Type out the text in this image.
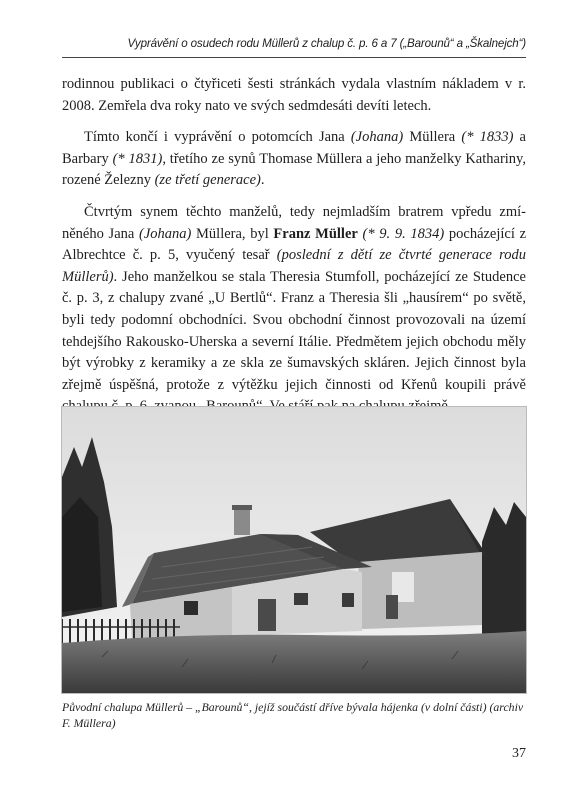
Vyprávění o osudech rodu Müllerů z chalup č. p. 6 a 7 („Barounů“ a „Škalnejch“)

rodinnou publikaci o čtyřiceti šesti stránkách vydala vlastním nákladem v r. 2008. Zemřela dva roky nato ve svých sedmdesáti devíti letech.

Tímto končí i vyprávění o potomcích Jana (Johana) Müllera (* 1833) a Barbary (* 1831), třetího ze synů Thomase Müllera a jeho manželky Kathariny, rozené Železny (ze třetí generace).

Čtvrtým synem těchto manželů, tedy nejmladším bratrem vpředu zmíněného Jana (Johana) Müllera, byl Franz Müller (* 9. 9. 1834) pocházející z Albrechtce č. p. 5, vyučený tesař (poslední z dětí ze čtvrté generace rodu Müllerů). Jeho manželkou se stala Theresia Stumfoll, pocházející ze Studence č. p. 3, z chalupy zvané „U Bertlů“. Franz a Theresia šli „hausírem“ po světě, byli tedy podomní obchodníci. Svou obchodní činnost provozovali na území tehdejšího Rakousko-Uherska a severní Itálie. Předmětem jejich obchodu měly být výrobky z keramiky a ze skla ze šumavských skláren. Jejich činnost byla zřejmě úspěšná, protože z výtěžku jejich činnosti od Křenů koupili právě

Původní chalupa Müllerů – „Barounů“, jejíž součástí dříve bývala hájenka (v dolní části) (archiv F. Müllera)
37
